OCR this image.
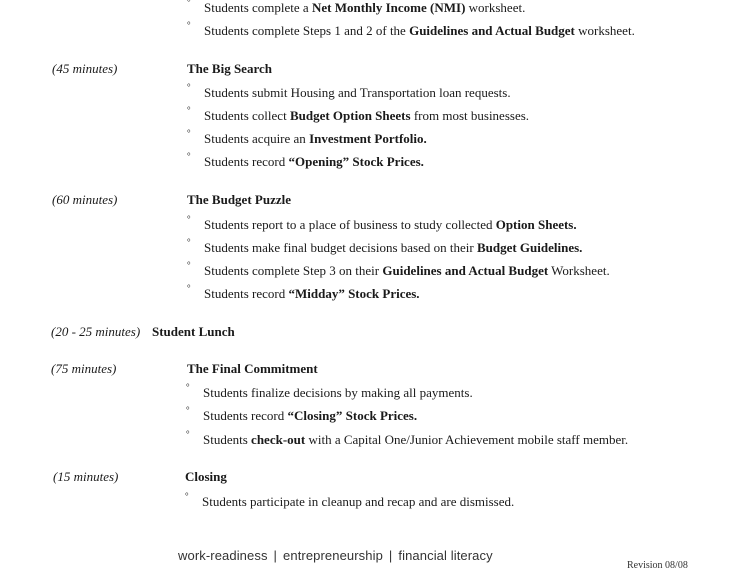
° Students complete a Net Monthly Income (NMI) worksheet.
° Students complete Steps 1 and 2 of the Guidelines and Actual Budget worksheet.
(45 minutes)	The Big Search
° Students submit Housing and Transportation loan requests.
° Students collect Budget Option Sheets from most businesses.
° Students acquire an Investment Portfolio.
° Students record “Opening” Stock Prices.
(60 minutes)	The Budget Puzzle
° Students report to a place of business to study collected Option Sheets.
° Students make final budget decisions based on their Budget Guidelines.
° Students complete Step 3 on their Guidelines and Actual Budget Worksheet.
° Students record “Midday” Stock Prices.
(20 - 25 minutes) Student Lunch
(75 minutes)	The Final Commitment
° Students finalize decisions by making all payments.
° Students record “Closing” Stock Prices.
° Students check-out with a Capital One/Junior Achievement mobile staff member.
(15 minutes)	Closing
° Students participate in cleanup and recap and are dismissed.
work-readiness | entrepreneurship | financial literacy
Revision 08/08
